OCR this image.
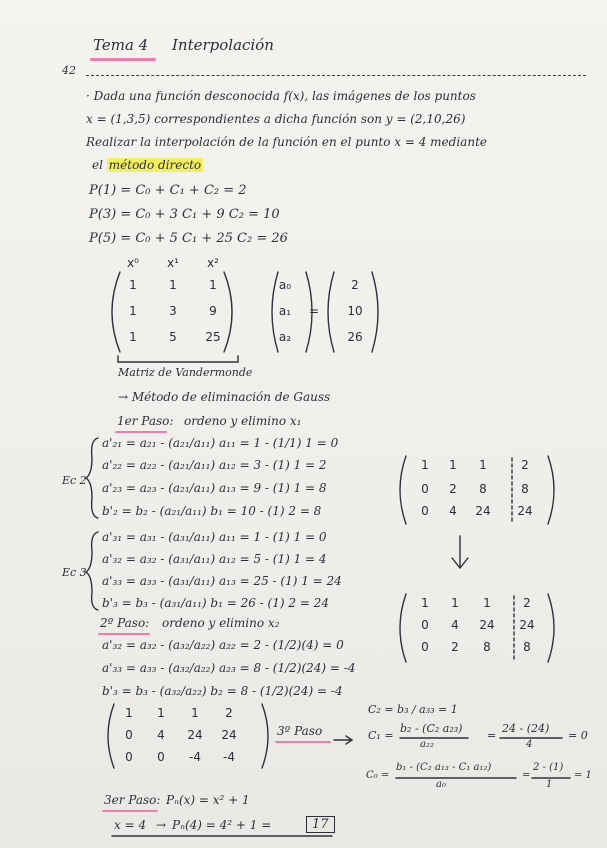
Tema 4 Interpolación
42
· Dada una función desconocida f(x), las imágenes de los puntos
x = (1,3,5) correspondientes a dicha función son y = (2,10,26)
Realizar la interpolación de la función en el punto x = 4 mediante
el método directo
P(1) = C₀ + C₁ + C₂ = 2
P(3) = C₀ + 3 C₁ + 9 C₂ = 10
P(5) = C₀ + 5 C₁ + 25 C₂ = 26
x⁰	x¹	x²
1	1	1
1	3	9
1	5	25
a₀
a₁
a₂
=
2
10
26
Matriz de Vandermonde
→ Método de eliminación de Gauss
1er Paso: ordeno y elimino x₁
Ec 2
a'₂₁ = a₂₁ - (a₂₁/a₁₁) a₁₁ = 1 - (1/1) 1 = 0
a'₂₂ = a₂₂ - (a₂₁/a₁₁) a₁₂ = 3 - (1) 1 = 2
a'₂₃ = a₂₃ - (a₂₁/a₁₁) a₁₃ = 9 - (1) 1 = 8
b'₂ = b₂ - (a₂₁/a₁₁) b₁ = 10 - (1) 2 = 8
Ec 3
a'₃₁ = a₃₁ - (a₃₁/a₁₁) a₁₁ = 1 - (1) 1 = 0
a'₃₂ = a₃₂ - (a₃₁/a₁₁) a₁₂ = 5 - (1) 1 = 4
a'₃₃ = a₃₃ - (a₃₁/a₁₁) a₁₃ = 25 - (1) 1 = 24
b'₃ = b₃ - (a₃₁/a₁₁) b₁ = 26 - (1) 2 = 24
1	1	1	2
0	2	8	8
0	4	24	24
1	1	1	2
0	4	24	24
0	2	8	8
2º Paso: ordeno y elimino x₂
a'₃₂ = a₃₂ - (a₃₂/a₂₂) a₂₂ = 2 - (1/2)(4) = 0
a'₃₃ = a₃₃ - (a₃₂/a₂₂) a₂₃ = 8 - (1/2)(24) = -4
b'₃ = b₃ - (a₃₂/a₂₂) b₂ = 8 - (1/2)(24) = -4
1	1	1	2
0	4	24	24
0	0	-4	-4
3º Paso
C₂ = b₃ / a₃₃ = 1
C₁ =
b₂ - (C₂ a₂₃)
a₂₂
=
24 - (24)
4
= 0
C₀ =
b₁ - (C₂ a₁₃ - C₁ a₁₂)
a₀
=
2 - (1)
1
= 1
3er Paso: Pₙ(x) = x² + 1
x = 4 → Pₙ(4) = 4² + 1 =	17
